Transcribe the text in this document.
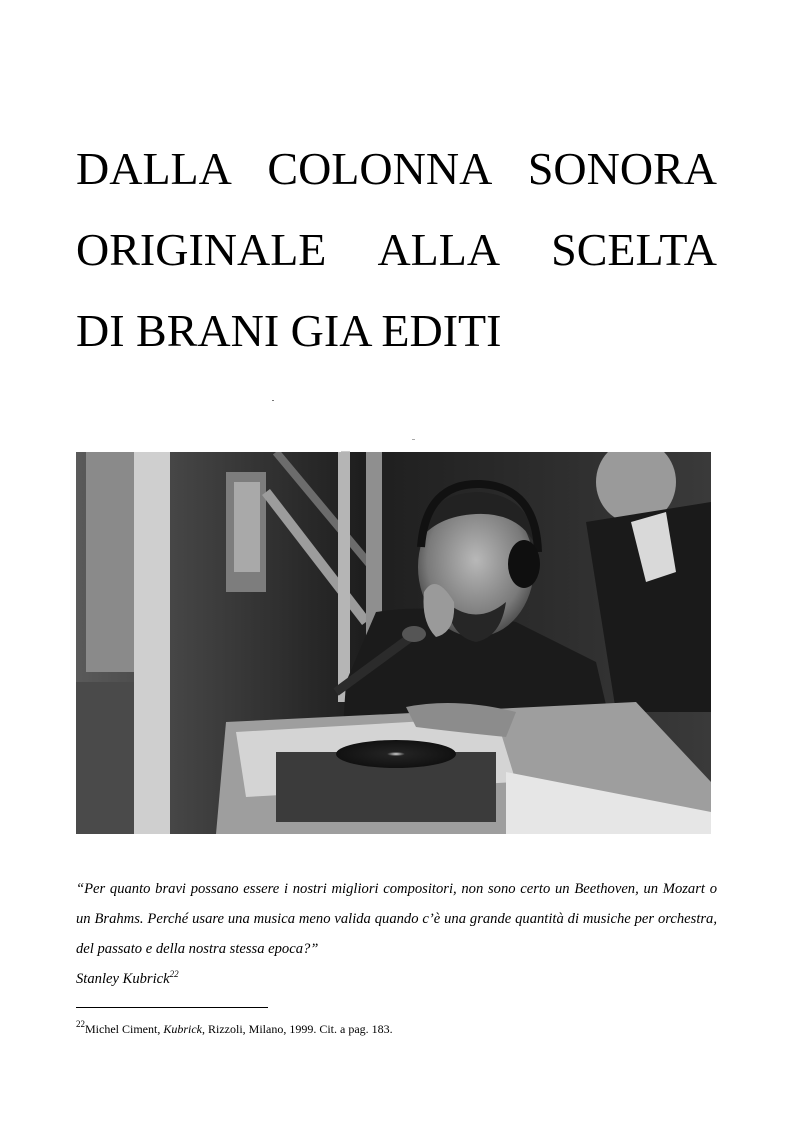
DALLA COLONNA SONORA
ORIGINALE ALLA SCELTA
DI BRANI GIA EDITI

“Per quanto bravi possano essere i nostri migliori compositori, non sono certo un Beethoven, un Mozart o un Brahms. Perché usare una musica meno valida quando c’è una grande quantità di musiche per orchestra, del passato e della nostra stessa epoca?”

Stanley Kubrick$^{22}$
$^{22}$Michel Ciment, Kubrick, Rizzoli, Milano, 1999. Cit. a pag. 183.
